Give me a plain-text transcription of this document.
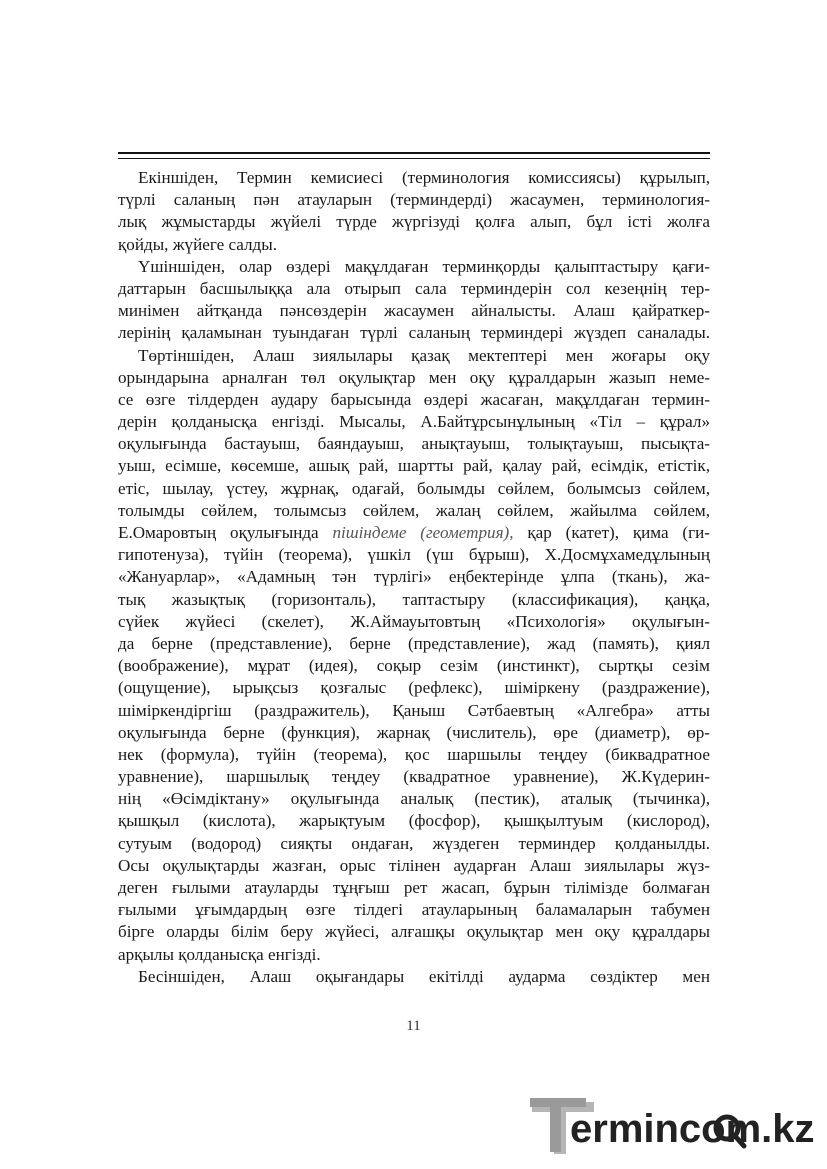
Екіншіден, Термин кемисиесі (терминология комиссиясы) құрылып,
түрлі саланың пән атауларын (терминдерді) жасаумен, терминология-
лық жұмыстарды жүйелі түрде жүргізуді қолға алып, бұл істі жолға
қойды, жүйеге салды.
Үшіншіден, олар өздері мақұлдаған терминқорды қалыптастыру қағи-
даттарын басшылыққа ала отырып сала терминдерін сол кезеңнің тер-
минімен айтқанда пәнсөздерін жасаумен айналысты. Алаш қайраткер-
лерінің қаламынан туындаған түрлі саланың терминдері жүздеп саналады.
Төртіншіден, Алаш зиялылары қазақ мектептері мен жоғары оқу
орындарына арналған төл оқулықтар мен оқу құралдарын жазып неме-
се өзге тілдерден аудару барысында өздері жасаған, мақұлдаған термин-
дерін қолданысқа енгізді. Мысалы, А.Байтұрсынұлының «Тіл – құрал»
оқулығында бастауыш, баяндауыш, анықтауыш, толықтауыш, пысықта-
уыш, есімше, көсемше, ашық рай, шартты рай, қалау рай, есімдік, етістік,
етіс, шылау, үстеу, жұрнақ, одағай, болымды сөйлем, болымсыз сөйлем,
толымды сөйлем, толымсыз сөйлем, жалаң сөйлем, жайылма сөйлем,
Е.Омаровтың оқулығында пішіндеме (геометрия), қар (катет), қима (ги-
гипотенуза), түйін (теорема), үшкіл (үш бұрыш), Х.Досмұхамедұлының
«Жануарлар», «Адамның тән түрлігі» еңбектерінде ұлпа (ткань), жа-
тық жазықтық (горизонталь), таптастыру (классификация), қаңқа,
сүйек жүйесі (скелет), Ж.Аймауытовтың «Психологія» оқулығын-
да берне (представление), берне (представление), жад (память), қиял
(воображение), мұрат (идея), соқыр сезім (инстинкт), сыртқы сезім
(ощущение), ырықсыз қозғалыс (рефлекс), шіміркену (раздражение),
шіміркендіргіш (раздражитель), Қаныш Сәтбаевтың «Алгебра» атты
оқулығында берне (функция), жарнақ (числитель), өре (диаметр), өр-
нек (формула), түйін (теорема), қос шаршылы теңдеу (биквадратное
уравнение), шаршылық теңдеу (квадратное уравнение), Ж.Күдерин-
нің «Өсімдіктану» оқулығында аналық (пестик), аталық (тычинка),
қышқыл (кислота), жарықтуым (фосфор), қышқылтуым (кислород),
сутуым (водород) сияқты ондаған, жүздеген терминдер қолданылды.
Осы оқулықтарды жазған, орыс тілінен аударған Алаш зиялылары жүз-
деген ғылыми атауларды тұңғыш рет жасап, бұрын тілімізде болмаған
ғылыми ұғымдардың өзге тілдегі атауларының баламаларын табумен
бірге оларды білім беру жүйесі, алғашқы оқулықтар мен оқу құралдары
арқылы қолданысқа енгізді.
Бесіншіден, Алаш оқығандары екітілді аударма сөздіктер мен
11
ermincom.kz
